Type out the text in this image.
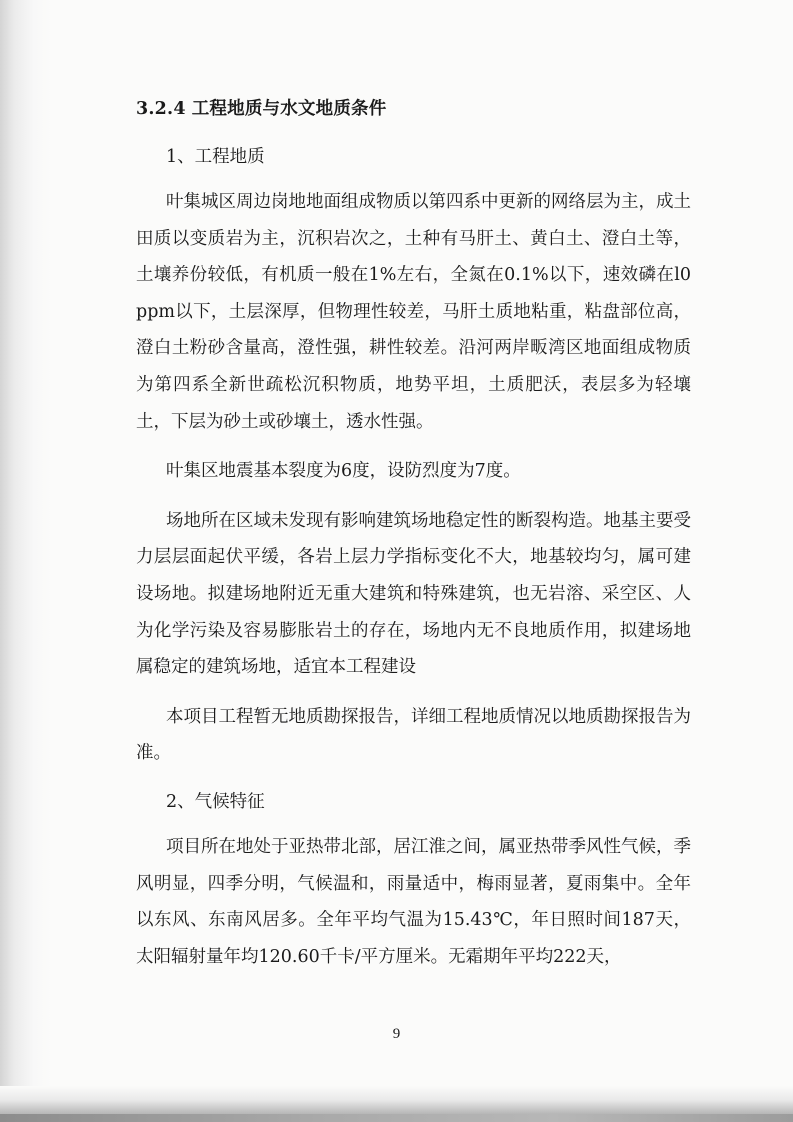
3.2.4 工程地质与水文地质条件
1、工程地质

叶集城区周边岗地地面组成物质以第四系中更新的网络层为主，成土田质以变质岩为主，沉积岩次之，土种有马肝土、黄白土、澄白土等，土壤养份较低，有机质一般在1%左右，全氮在0.1%以下，速效磷在l0ppm以下，土层深厚，但物理性较差，马肝土质地粘重，粘盘部位高，澄白土粉砂含量高，澄性强，耕性较差。沿河两岸畈湾区地面组成物质为第四系全新世疏松沉积物质，地势平坦，土质肥沃，表层多为轻壤土，下层为砂土或砂壤土，透水性强。

叶集区地震基本裂度为6度，设防烈度为7度。

场地所在区域未发现有影响建筑场地稳定性的断裂构造。地基主要受力层层面起伏平缓，各岩上层力学指标变化不大，地基较均匀，属可建设场地。拟建场地附近无重大建筑和特殊建筑，也无岩溶、采空区、人为化学污染及容易膨胀岩土的存在，场地内无不良地质作用，拟建场地属稳定的建筑场地，适宜本工程建设

本项目工程暂无地质勘探报告，详细工程地质情况以地质勘探报告为准。

2、气候特征

项目所在地处于亚热带北部，居江淮之间，属亚热带季风性气候，季风明显，四季分明，气候温和，雨量适中，梅雨显著，夏雨集中。全年以东风、东南风居多。全年平均气温为15.43℃，年日照时间187天，太阳辐射量年均120.60千卡/平方厘米。无霜期年平均222天，

9
